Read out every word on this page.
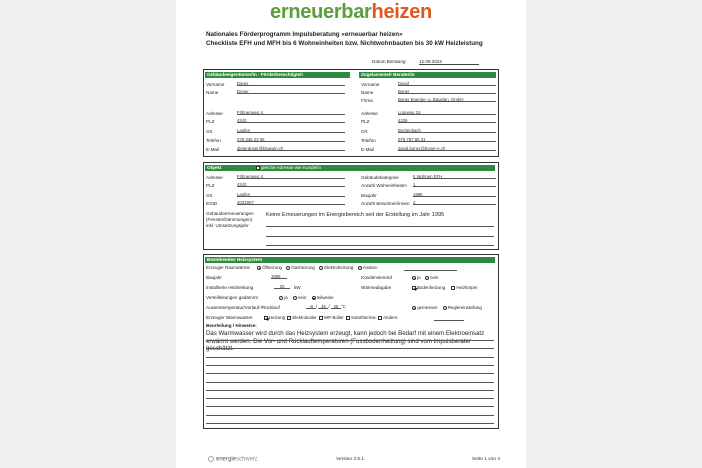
erneuerbarheizen
Nationales Förderprogramm Impulsberatung «erneuerbar heizen»
Checkliste EFH und MFH bis 6 Wohneinheiten bzw. Nichtwohnbauten bis 30 kW Heizleistung
Datum Beratung:	12.08.2022
Gebäudeeigentümer/in - Förderberechtigte/r	Zugelassene/r Berater/in
Objekt	gleiche Adresse wie Kunde/in
Gebäudeerneuerungen (Fenster/Dämmungen) inkl. Umsetzungsjahr
Keine Erneuerungen im Energiebereich seit der Erstellung im Jahr 1995
Bestehendes Heizsystem
Erzeuger Raumwärme	Ölheizung Gasheizung Elektroheizung Andere:
Baujahr	1995	Kondensierend	ja nein
Installierte Heizleistung	20	kW	Wärmeabgabe	Bodenheizung	Heizkörper
Verteilleitungen gedämmt	ja nein teilweise
Aussentemperatur/Vorlauf-/Rücklauf	-8 / 45 / 35 °C	gemessen Reglereinstellung
Erzeuger Warmwasser	Heizung Elektroboiler WP-Boiler Solarthermie Andere:
Beurteilung / Hinweise:
Das Warmwasser wird durch das Heizsystem erzeugt, kann jedoch bei Bedarf mit einem Elektroeinsatz erwärmt werden. Die Vor- und Rücklauftemperaturen (Fussbodenheizung) sind vom Impulsberater geschätzt.
energieschweiz	Version 3.5.1	Seite 1 von 4
Vorname	Dieter
Name	Dreier
Adresse	Föhnenweg 4
PLZ	4242
Ort	Laufen
Telefon	079 345 23 06
E-Mail	dieterdreier@bluewin.ch
Vorname	David
Name	Boner
Firma	Boner Energie- u. Bauplan. GmbH
Adresse	Loorweg 15
PLZ	4226
Ort	Breitenbach
Telefon	079 797 85 31
E-Mail	david.boner@boner-e.ch
Adresse	Föhnenweg 4
PLZ	4242
Ort	Laufen
EGID	2021907
Gebäudekategorie	II Wohnen EFH
Anzahl Wohneinheiten 1
Baujahr	1995
Anzahl Bewohner/innen 2
